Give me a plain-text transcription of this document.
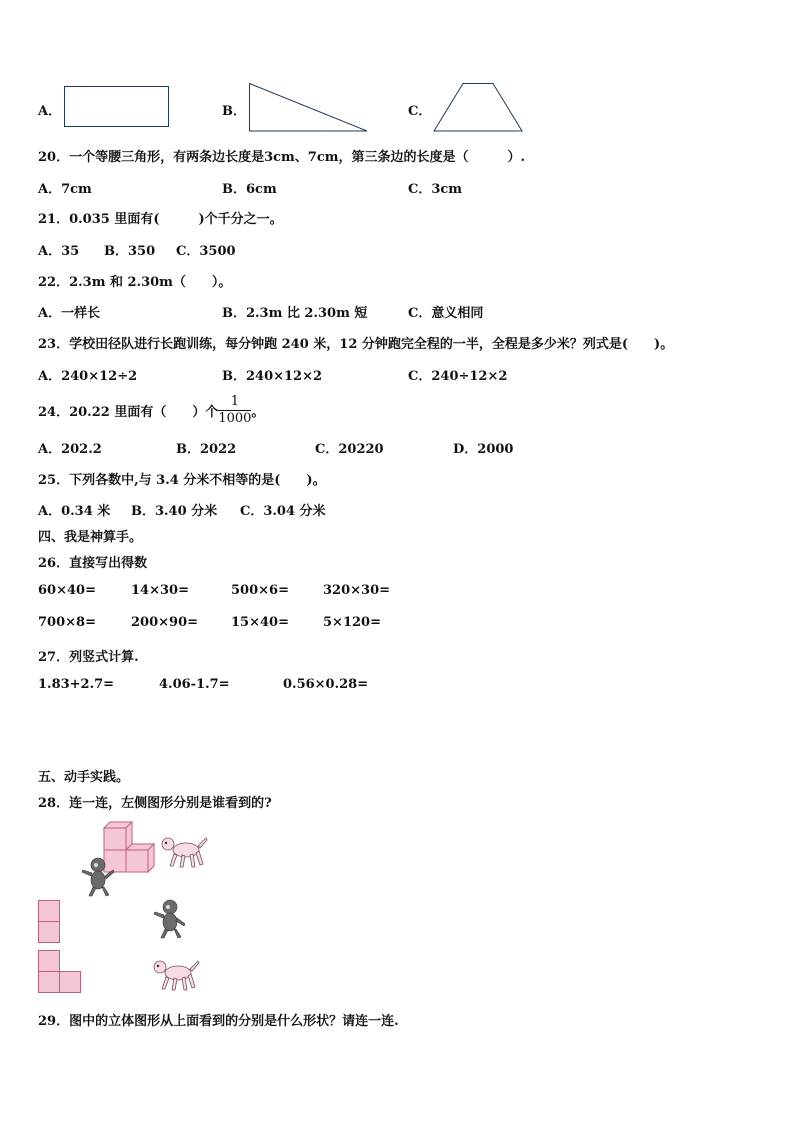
A．	B．	C．
20．一个等腰三角形，有两条边长度是3cm、7cm，第三条边的长度是（　　　）.
A．7cm	B．6cm	C．3cm
21．0.035 里面有(　　　)个千分之一。
A．35 B．350 C．3500
22．2.3m 和 2.30m（　　）。
A．一样长	B．2.3m 比 2.30m 短	C．意义相同
23．学校田径队进行长跑训练，每分钟跑 240 米，12 分钟跑完全程的一半，全程是多少米？列式是(　　)。
A．240×12÷2	B．240×12×2	C．240÷12×2
24．20.22 里面有（　　）个 $\frac{1}{1000}$ 。
A．202.2	B．2022	C．20220	D．2000
25．下列各数中,与 3.4 分米不相等的是(　　)。
A．0.34 米 B．3.40 分米 C．3.04 分米
四、我是神算手。
26．直接写出得数
60×40=	14×30=	500×6=	320×30=
700×8=	200×90=	15×40=	5×120=
27．列竖式计算.
1.83+2.7=	4.06-1.7=	0.56×0.28=
五、动手实践。
28．连一连，左侧图形分别是谁看到的?
29．图中的立体图形从上面看到的分别是什么形状？请连一连.
